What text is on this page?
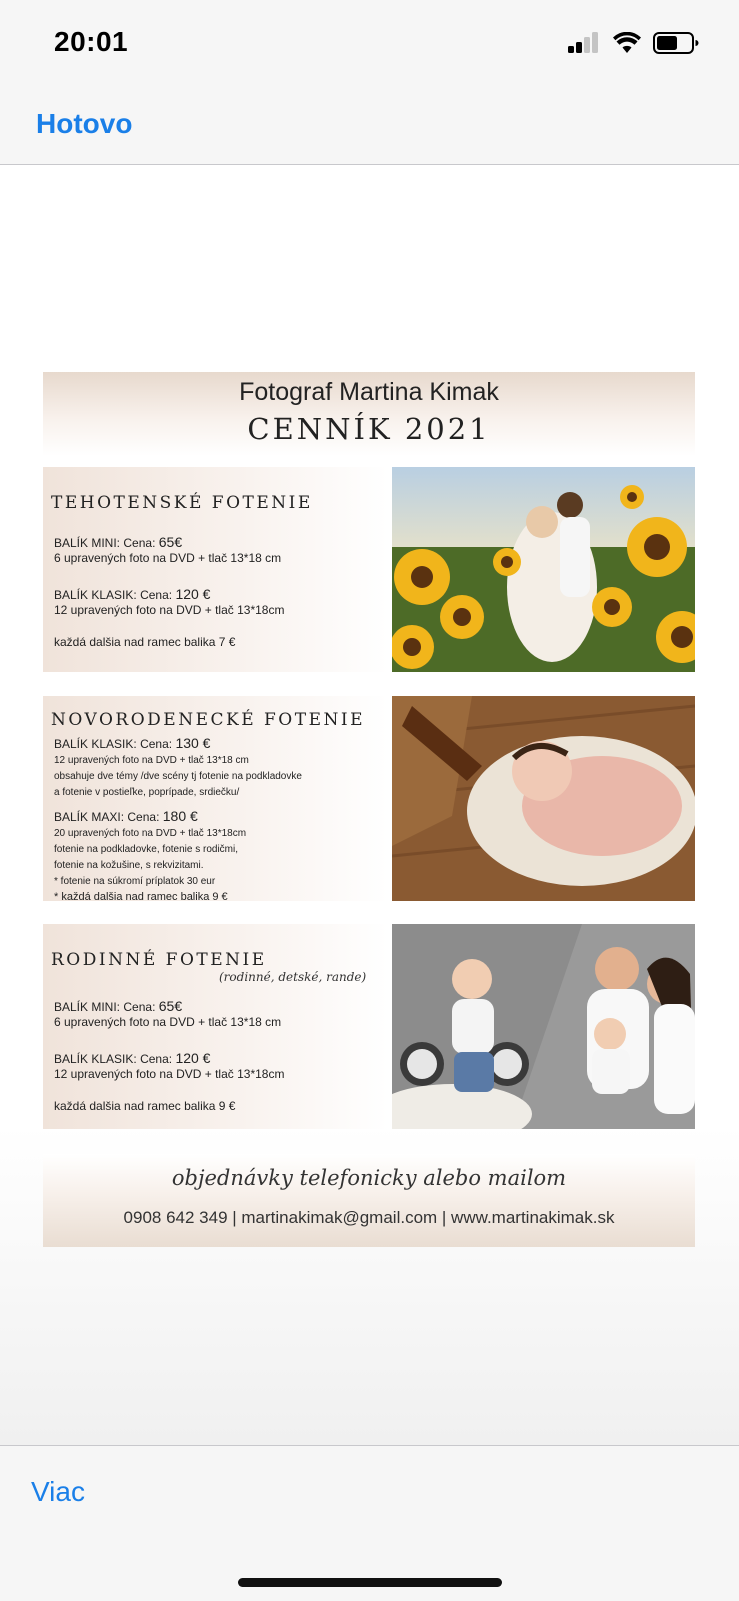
20:01
Hotovo
Fotograf Martina Kimak
CENNÍK 2021
TEHOTENSKÉ FOTENIE
BALÍK MINI: Cena: 65€
6 upravených foto na DVD + tlač 13*18 cm
BALÍK KLASIK: Cena: 120 €
12 upravených foto na DVD + tlač 13*18cm
každá dalšia nad ramec balika 7 €
NOVORODENECKÉ FOTENIE
BALÍK KLASIK: Cena: 130 €
12 upravených foto na DVD + tlač 13*18 cm
obsahuje dve témy /dve scény tj fotenie na podkladovke
a fotenie v postieľke, poprípade, srdiečku/
BALÍK MAXI: Cena: 180 €
20 upravených foto na DVD + tlač 13*18cm
fotenie na podkladovke, fotenie s rodičmi,
fotenie na kožušine, s rekvizitami.
* fotenie na súkromí príplatok 30 eur
* každá dalšia nad ramec balika 9 €
RODINNÉ FOTENIE
(rodinné, detské, rande)
BALÍK MINI: Cena: 65€
6 upravených foto na DVD + tlač 13*18 cm
BALÍK KLASIK: Cena: 120 €
12 upravených foto na DVD + tlač 13*18cm
každá dalšia nad ramec balika 9 €
objednávky telefonicky alebo mailom
0908 642 349 | martinakimak@gmail.com | www.martinakimak.sk
Viac
